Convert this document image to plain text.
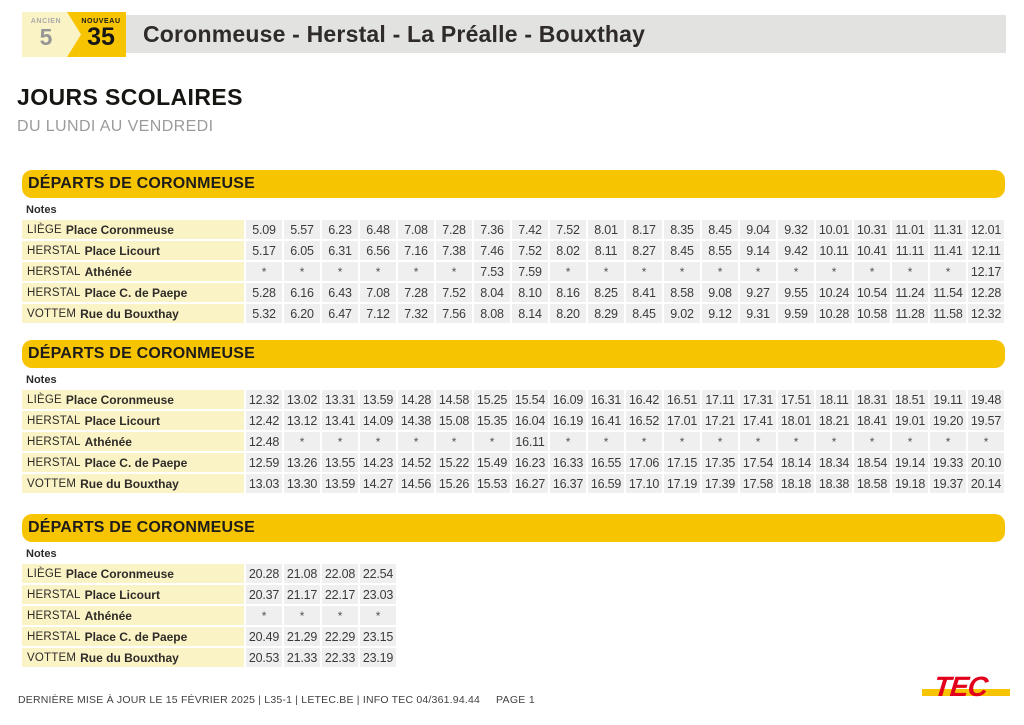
ANCIEN
5
NOUVEAU
35 Coronmeuse - Herstal - La Préalle - Bouxthay
JOURS SCOLAIRES
DU LUNDI AU VENDREDI
DÉPARTS DE CORONMEUSE
Notes
LIÈGE Place Coronmeuse	5.09	5.57	6.23	6.48	7.08	7.28	7.36	7.42	7.52	8.01	8.17	8.35	8.45	9.04	9.32 10.01 10.31 11.01 11.31 12.01
HERSTAL Place Licourt	5.17	6.05	6.31	6.56	7.16	7.38	7.46	7.52	8.02	8.11	8.27	8.45	8.55	9.14	9.42 10.11 10.41 11.11 11.41 12.11
HERSTAL Athénée	*	*	*	*	*	*	7.53	7.59	*	*	*	*	*	*	*	*	*	*	*	12.17
HERSTAL Place C. de Paepe	5.28	6.16	6.43	7.08	7.28	7.52	8.04	8.10	8.16	8.25	8.41	8.58	9.08	9.27	9.55 10.24 10.54 11.24 11.54 12.28
VOTTEM Rue du Bouxthay	5.32	6.20	6.47	7.12	7.32	7.56	8.08	8.14	8.20	8.29	8.45	9.02	9.12	9.31	9.59 10.28 10.58 11.28 11.58 12.32
DÉPARTS DE CORONMEUSE
Notes
LIÈGE Place Coronmeuse	12.32 13.02 13.31 13.59 14.28 14.58 15.25 15.54 16.09 16.31 16.42 16.51 17.11 17.31 17.51 18.11 18.31 18.51 19.11 19.48
HERSTAL Place Licourt	12.42 13.12 13.41 14.09 14.38 15.08 15.35 16.04 16.19 16.41 16.52 17.01 17.21 17.41 18.01 18.21 18.41 19.01 19.20 19.57
HERSTAL Athénée	12.48	*	*	*	*	*	*	16.11	*	*	*	*	*	*	*	*	*	*	*	*
HERSTAL Place C. de Paepe	12.59 13.26 13.55 14.23 14.52 15.22 15.49 16.23 16.33 16.55 17.06 17.15 17.35 17.54 18.14 18.34 18.54 19.14 19.33 20.10
VOTTEM Rue du Bouxthay	13.03 13.30 13.59 14.27 14.56 15.26 15.53 16.27 16.37 16.59 17.10 17.19 17.39 17.58 18.18 18.38 18.58 19.18 19.37 20.14
DÉPARTS DE CORONMEUSE
Notes
LIÈGE Place Coronmeuse	20.28 21.08 22.08 22.54
HERSTAL Place Licourt	20.37 21.17 22.17 23.03
HERSTAL Athénée	*	*	*	*
HERSTAL Place C. de Paepe	20.49 21.29 22.29 23.15
VOTTEM Rue du Bouxthay	20.53 21.33 22.33 23.19
DERNIÈRE MISE À JOUR LE 15 FÉVRIER 2025 | L35-1 | LETEC.BE | INFO TEC 04/361.94.44 PAGE 1	TEC
